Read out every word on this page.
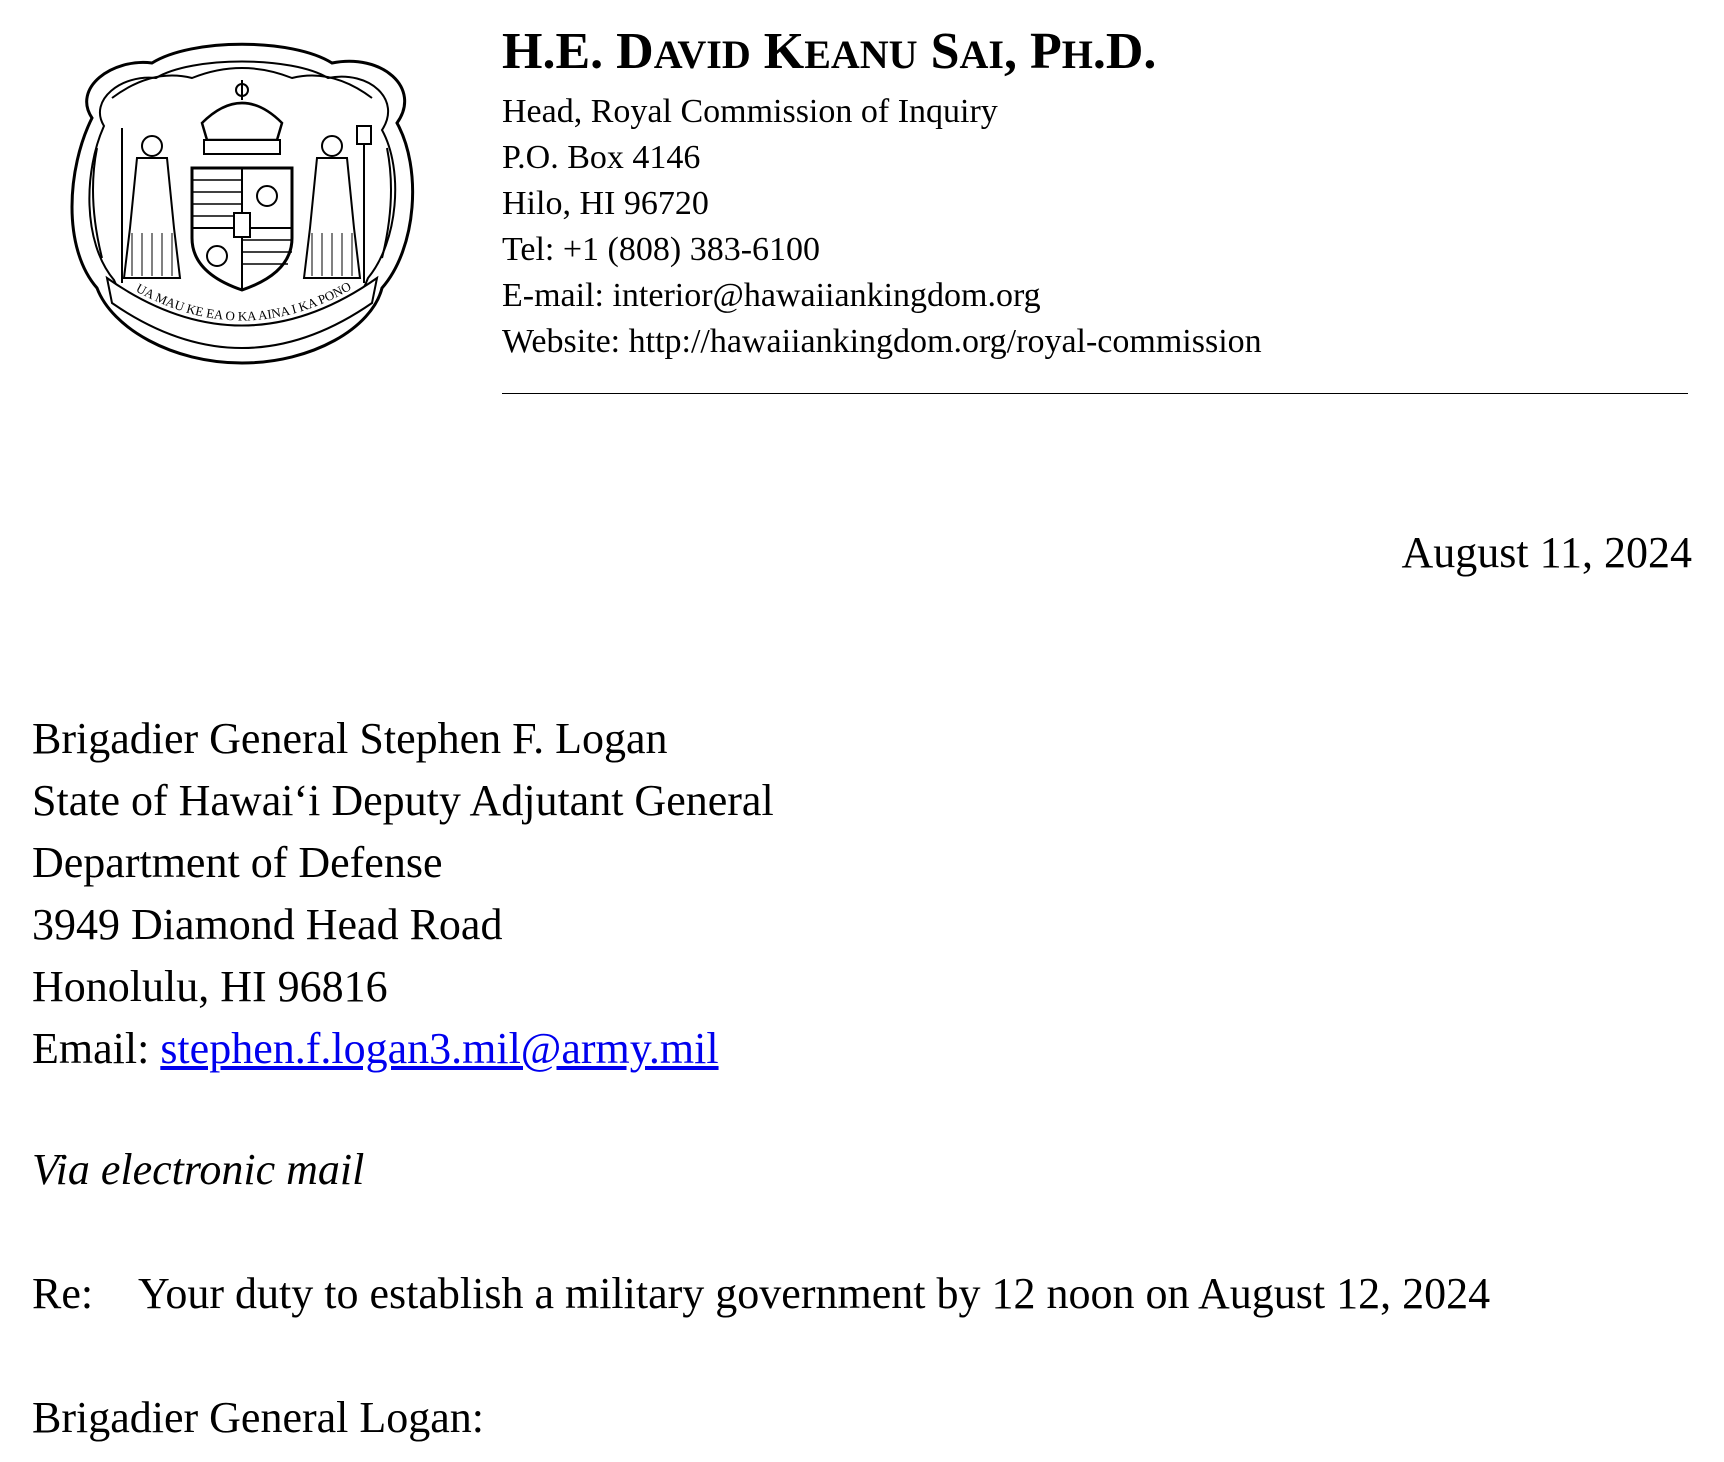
UA MAU KE EA O KA AINA I KA PONO
H.E. DAVID KEANU SAI, PH.D.
Head, Royal Commission of Inquiry
P.O. Box 4146
Hilo, HI 96720
Tel: +1 (808) 383-6100
E-mail: interior@hawaiiankingdom.org
Website: http://hawaiiankingdom.org/royal-commission
August 11, 2024
Brigadier General Stephen F. Logan
State of Hawaiʻi Deputy Adjutant General
Department of Defense
3949 Diamond Head Road
Honolulu, HI 96816
Email: stephen.f.logan3.mil@army.mil
Via electronic mail
Re: Your duty to establish a military government by 12 noon on August 12, 2024
Brigadier General Logan:
